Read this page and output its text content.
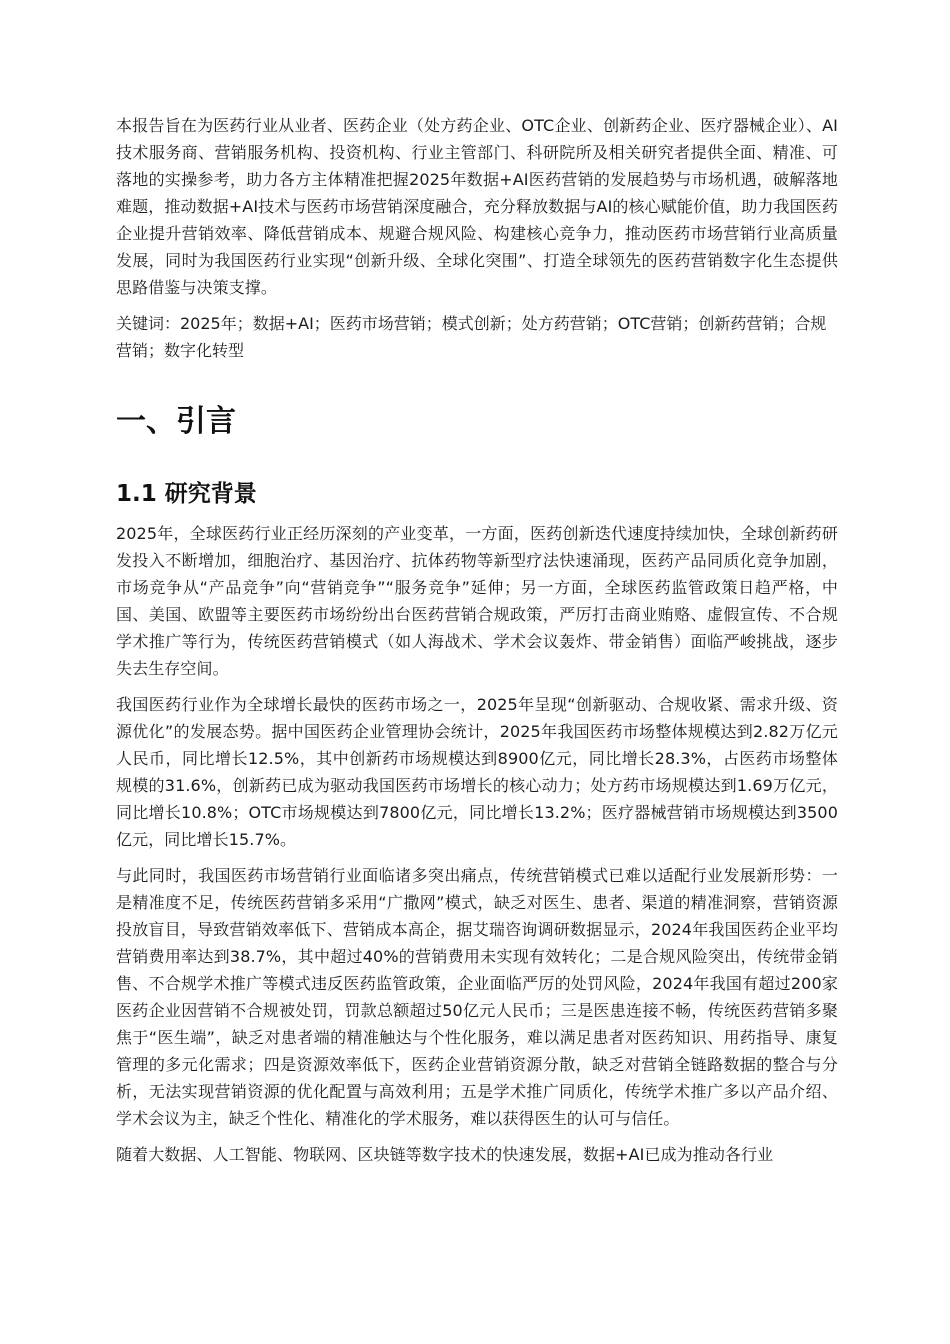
本报告旨在为医药行业从业者、医药企业（处方药企业、OTC企业、创新药企业、医疗器械企业）、AI技术服务商、营销服务机构、投资机构、行业主管部门、科研院所及相关研究者提供全面、精准、可落地的实操参考，助力各方主体精准把握2025年数据+AI医药营销的发展趋势与市场机遇，破解落地难题，推动数据+AI技术与医药市场营销深度融合，充分释放数据与AI的核心赋能价值，助力我国医药企业提升营销效率、降低营销成本、规避合规风险、构建核心竞争力，推动医药市场营销行业高质量发展，同时为我国医药行业实现“创新升级、全球化突围”、打造全球领先的医药营销数字化生态提供思路借鉴与决策支撑。

关键词：2025年；数据+AI；医药市场营销；模式创新；处方药营销；OTC营销；创新药营销；合规营销；数字化转型

一、引言
1.1 研究背景

2025年，全球医药行业正经历深刻的产业变革，一方面，医药创新迭代速度持续加快，全球创新药研发投入不断增加，细胞治疗、基因治疗、抗体药物等新型疗法快速涌现，医药产品同质化竞争加剧，市场竞争从“产品竞争”向“营销竞争”“服务竞争”延伸；另一方面，全球医药监管政策日趋严格，中国、美国、欧盟等主要医药市场纷纷出台医药营销合规政策，严厉打击商业贿赂、虚假宣传、不合规学术推广等行为，传统医药营销模式（如人海战术、学术会议轰炸、带金销售）面临严峻挑战，逐步失去生存空间。

我国医药行业作为全球增长最快的医药市场之一，2025年呈现“创新驱动、合规收紧、需求升级、资源优化”的发展态势。据中国医药企业管理协会统计，2025年我国医药市场整体规模达到2.82万亿元人民币，同比增长12.5%，其中创新药市场规模达到8900亿元，同比增长28.3%，占医药市场整体规模的31.6%，创新药已成为驱动我国医药市场增长的核心动力；处方药市场规模达到1.69万亿元，同比增长10.8%；OTC市场规模达到7800亿元，同比增长13.2%；医疗器械营销市场规模达到3500亿元，同比增长15.7%。

与此同时，我国医药市场营销行业面临诸多突出痛点，传统营销模式已难以适配行业发展新形势：一是精准度不足，传统医药营销多采用“广撒网”模式，缺乏对医生、患者、渠道的精准洞察，营销资源投放盲目，导致营销效率低下、营销成本高企，据艾瑞咨询调研数据显示，2024年我国医药企业平均营销费用率达到38.7%，其中超过40%的营销费用未实现有效转化；二是合规风险突出，传统带金销售、不合规学术推广等模式违反医药监管政策，企业面临严厉的处罚风险，2024年我国有超过200家医药企业因营销不合规被处罚，罚款总额超过50亿元人民币；三是医患连接不畅，传统医药营销多聚焦于“医生端”，缺乏对患者端的精准触达与个性化服务，难以满足患者对医药知识、用药指导、康复管理的多元化需求；四是资源效率低下，医药企业营销资源分散，缺乏对营销全链路数据的整合与分析，无法实现营销资源的优化配置与高效利用；五是学术推广同质化，传统学术推广多以产品介绍、学术会议为主，缺乏个性化、精准化的学术服务，难以获得医生的认可与信任。

随着大数据、人工智能、物联网、区块链等数字技术的快速发展，数据+AI已成为推动各行业
